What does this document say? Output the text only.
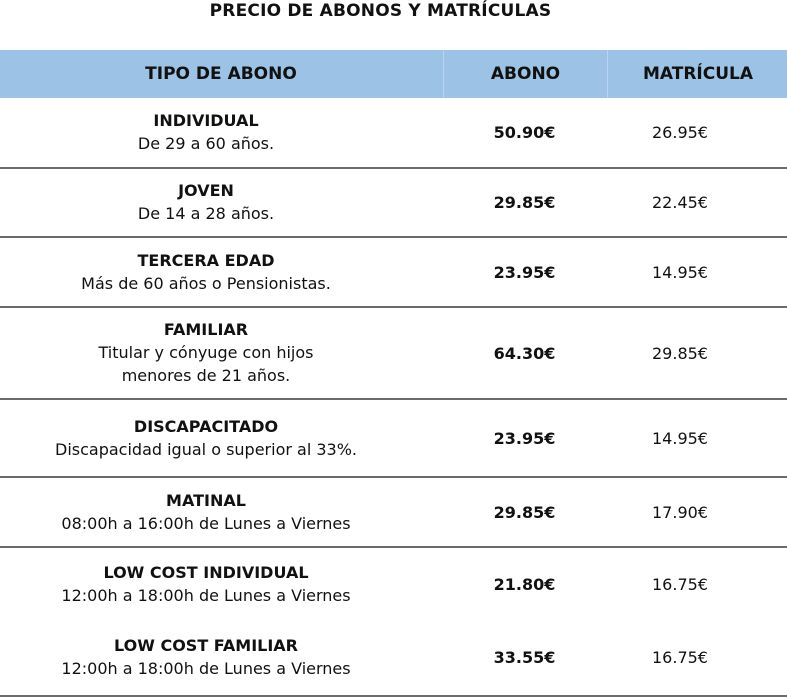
PRECIO DE ABONOS Y MATRÍCULAS
TIPO DE ABONO	ABONO	MATRÍCULA
INDIVIDUAL
De 29 a 60 años.
50.90€	26.95€
JOVEN
De 14 a 28 años.
29.85€	22.45€
TERCERA EDAD
Más de 60 años o Pensionistas.
23.95€	14.95€
FAMILIAR
Titular y cónyuge con hijos
menores de 21 años.
64.30€	29.85€
DISCAPACITADO
Discapacidad igual o superior al 33%.
23.95€	14.95€
MATINAL
08:00h a 16:00h de Lunes a Viernes
29.85€	17.90€
LOW COST INDIVIDUAL
12:00h a 18:00h de Lunes a Viernes
21.80€	16.75€
LOW COST FAMILIAR
12:00h a 18:00h de Lunes a Viernes
33.55€	16.75€
